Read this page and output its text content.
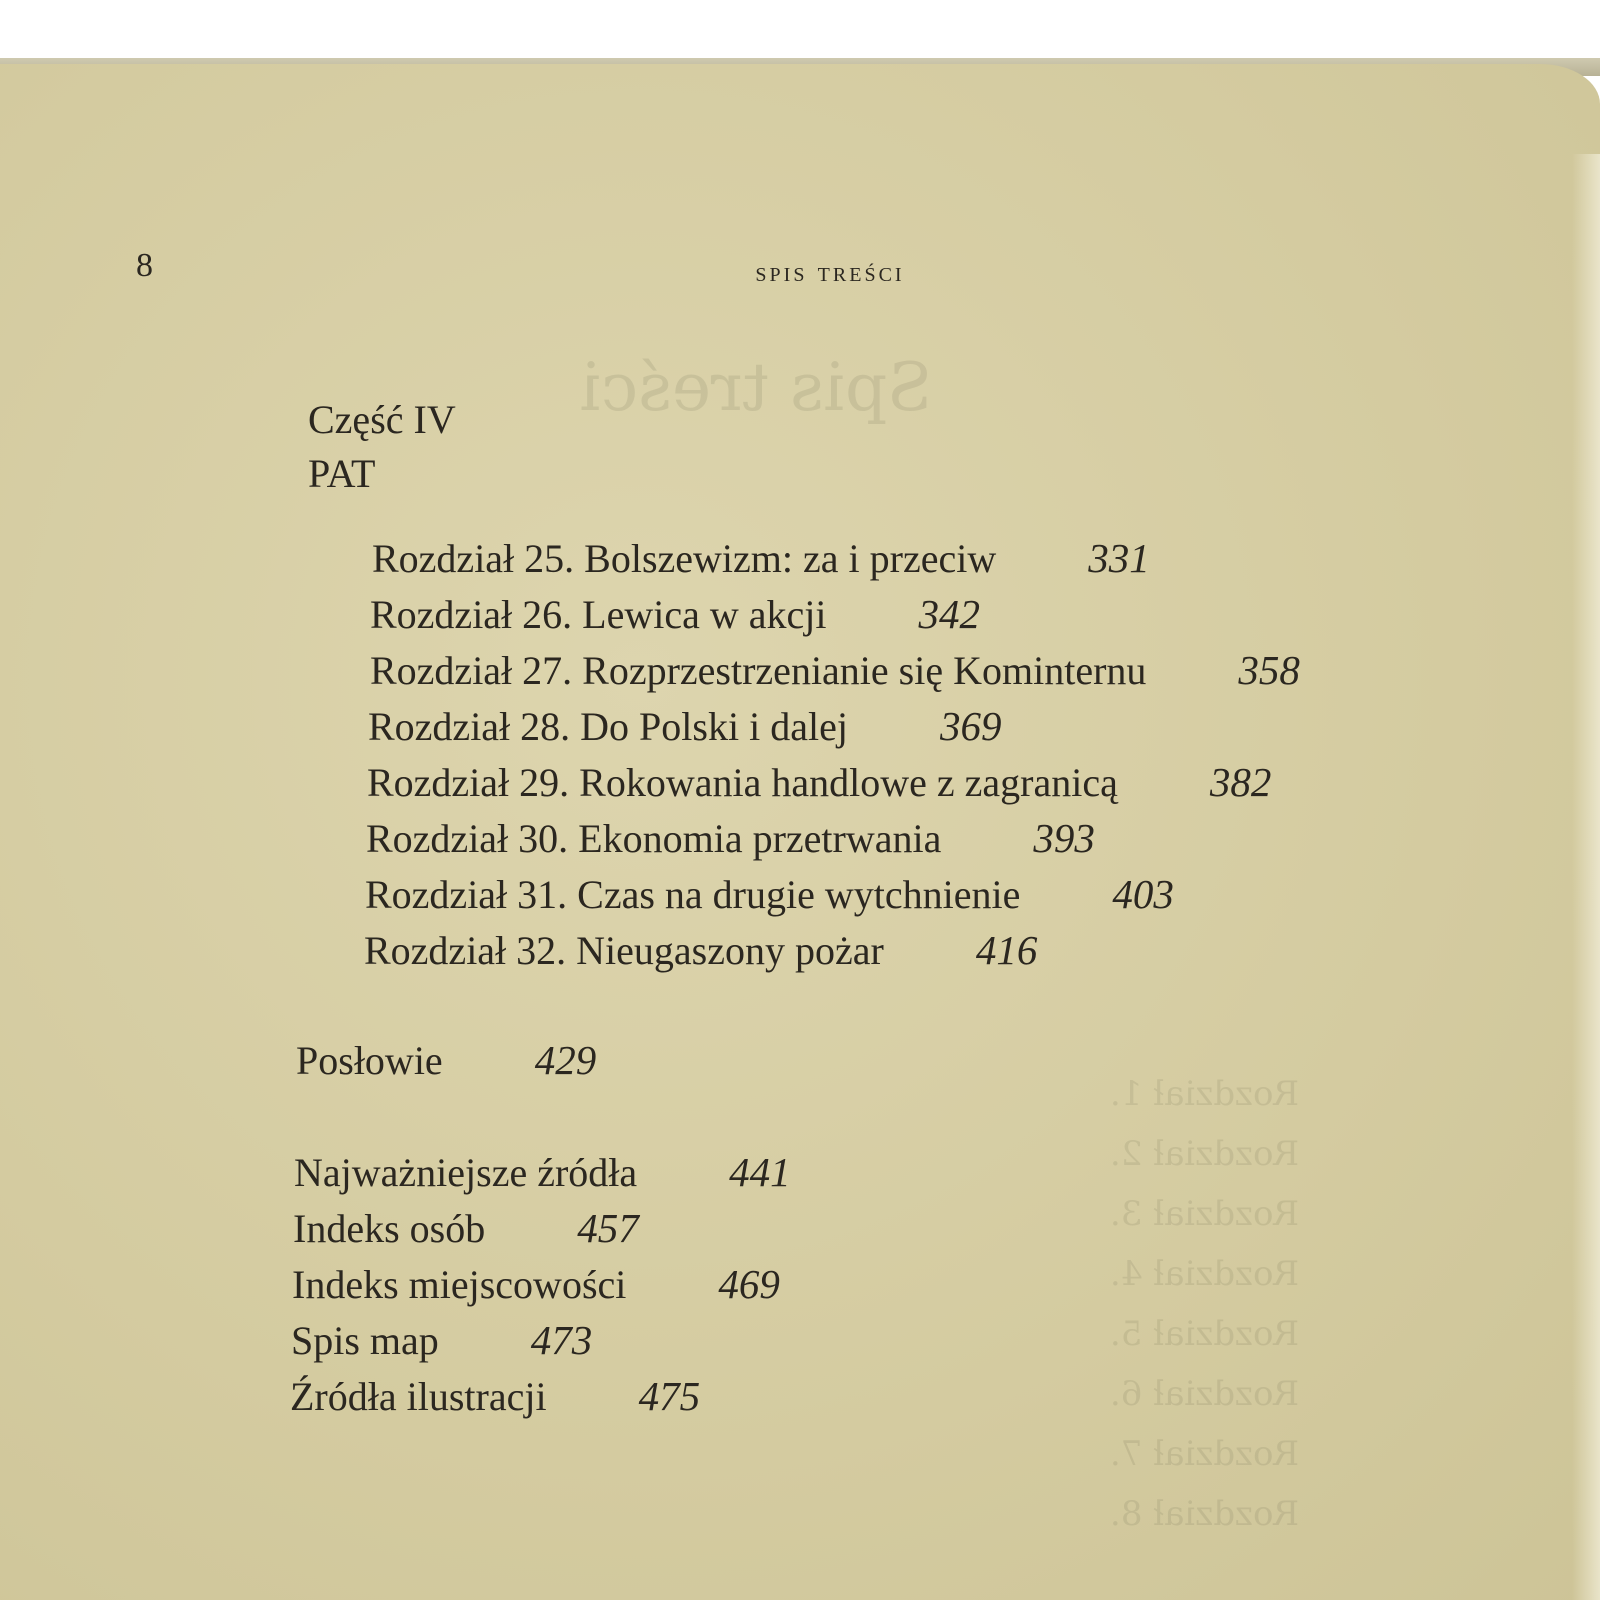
Spis treści
Rozdział 1.
Rozdział 2.
Rozdział 3.
Rozdział 4.
Rozdział 5.
Rozdział 6.
Rozdział 7.
Rozdział 8.
8	spis treści
Część IV
PAT
Rozdział 25. Bolszewizm: za i przeciw 331
Rozdział 26. Lewica w akcji 342
Rozdział 27. Rozprzestrzenianie się Kominternu 358
Rozdział 28. Do Polski i dalej 369
Rozdział 29. Rokowania handlowe z zagranicą 382
Rozdział 30. Ekonomia przetrwania 393
Rozdział 31. Czas na drugie wytchnienie 403
Rozdział 32. Nieugaszony pożar 416
Posłowie 429
Najważniejsze źródła 441
Indeks osób 457
Indeks miejscowości 469
Spis map 473
Źródła ilustracji 475
